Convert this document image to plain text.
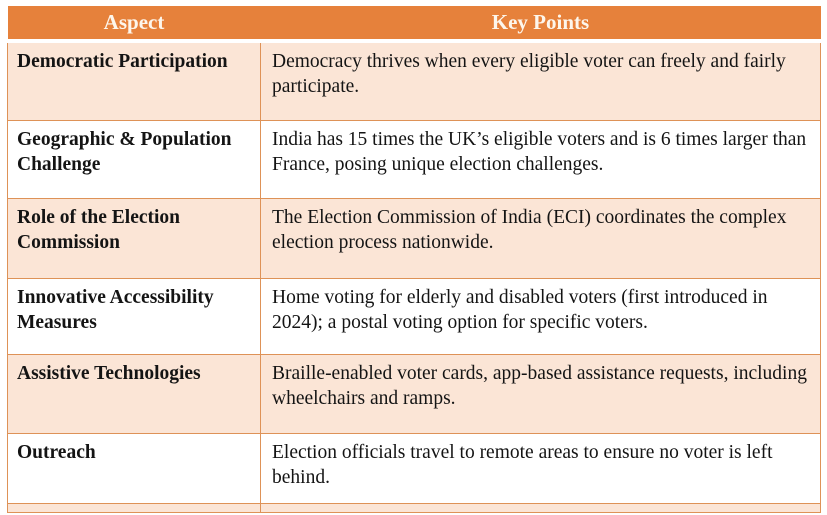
Aspect	Key Points
Democratic Participation	Democracy thrives when every eligible voter can freely and fairly participate.
Geographic & Population Challenge	India has 15 times the UK’s eligible voters and is 6 times larger than France, posing unique election challenges.
Role of the Election Commission	The Election Commission of India (ECI) coordinates the complex election process nationwide.
Innovative Accessibility Measures	Home voting for elderly and disabled voters (first introduced in 2024); a postal voting option for specific voters.
Assistive Technologies	Braille-enabled voter cards, app-based assistance requests, including wheelchairs and ramps.
Outreach	Election officials travel to remote areas to ensure no voter is left behind.
